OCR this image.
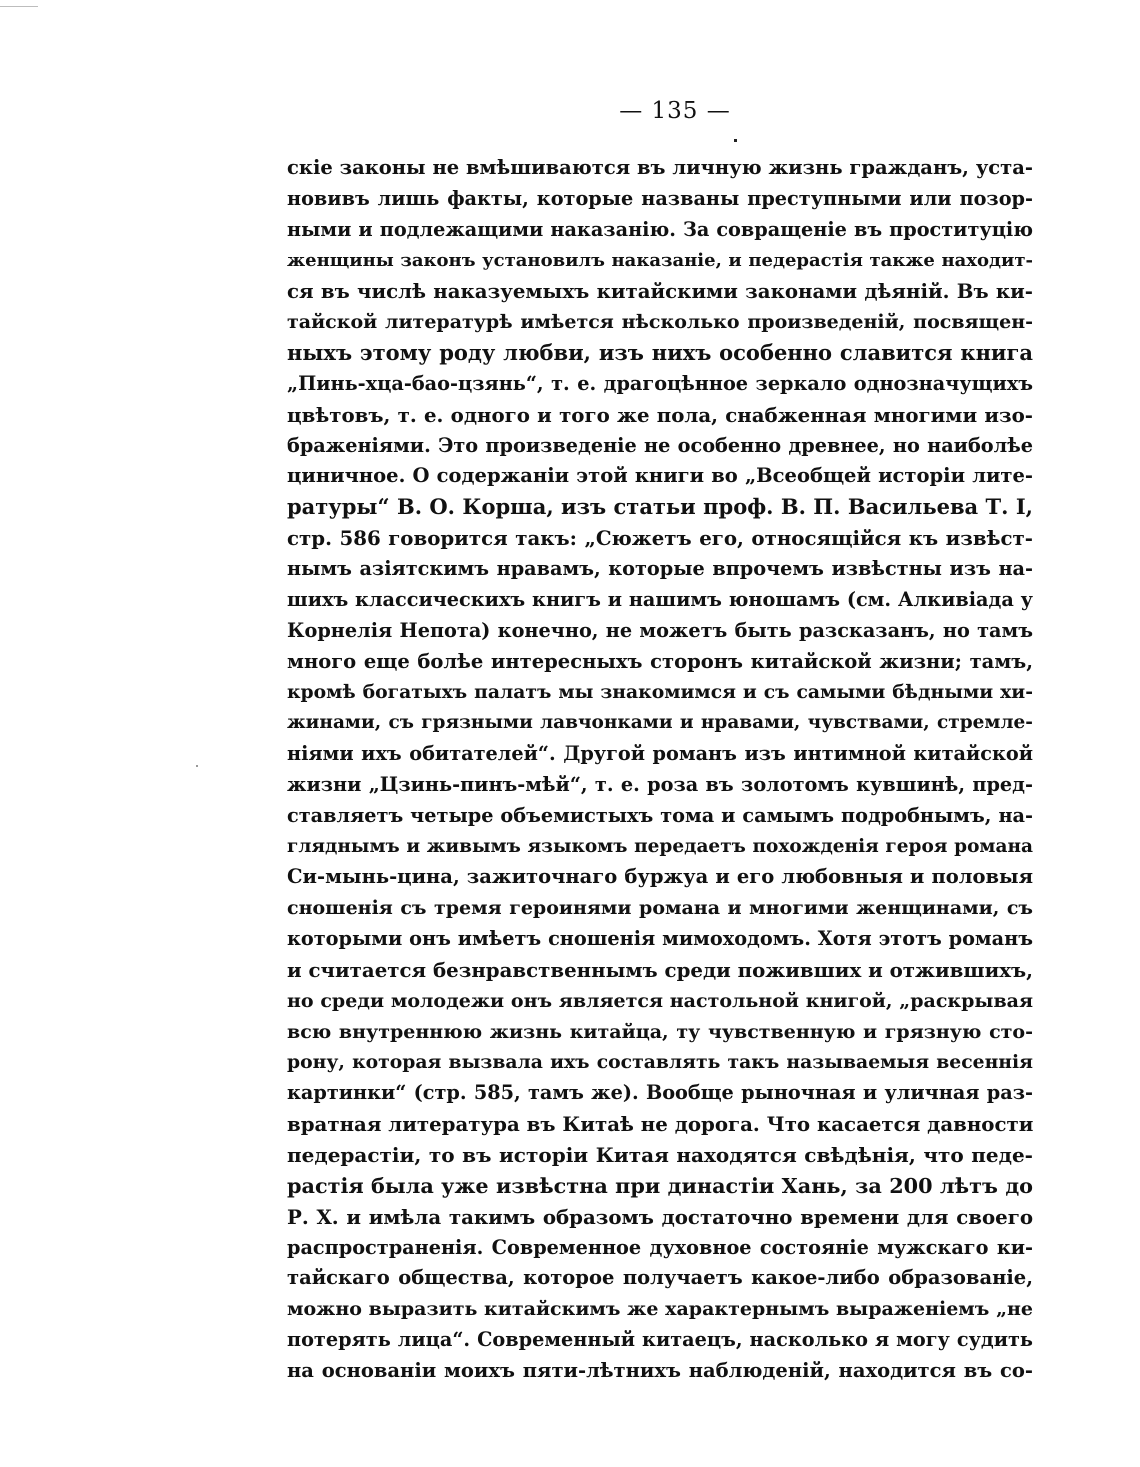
— 135 —
скіе законы не вмѣшиваются въ личную жизнь гражданъ, уста-
новивъ лишь факты, которые названы преступными или позор-
ными и подлежащими наказанію. За совращеніе въ проституцію
женщины законъ установилъ наказаніе, и педерастія также находит-
ся въ числѣ наказуемыхъ китайскими законами дѣяній. Въ ки-
тайской литературѣ имѣется нѣсколько произведеній, посвящен-
ныхъ этому роду любви, изъ нихъ особенно славится книга
„Пинь-хца-бао-цзянь“, т. е. драгоцѣнное зеркало однозначущихъ
цвѣтовъ, т. е. одного и того же пола, снабженная многими изо-
браженіями. Это произведеніе не особенно древнее, но наиболѣе
циничное. О содержаніи этой книги во „Всеобщей исторіи лите-
ратуры“ В. О. Корша, изъ статьи проф. В. П. Васильева Т. I,
стр. 586 говорится такъ: „Сюжетъ его, относящійся къ извѣст-
нымъ азіятскимъ нравамъ, которые впрочемъ извѣстны изъ на-
шихъ классическихъ книгъ и нашимъ юношамъ (см. Алкивіада у
Корнелія Непота) конечно, не можетъ быть разсказанъ, но тамъ
много еще болѣе интересныхъ сторонъ китайской жизни; тамъ,
кромѣ богатыхъ палатъ мы знакомимся и съ самыми бѣдными хи-
жинами, съ грязными лавчонками и нравами, чувствами, стремле-
ніями ихъ обитателей“. Другой романъ изъ интимной китайской
жизни „Цзинь-пинъ-мѣй“, т. е. роза въ золотомъ кувшинѣ, пред-
ставляетъ четыре объемистыхъ тома и самымъ подробнымъ, на-
гляднымъ и живымъ языкомъ передаетъ похожденія героя романа
Си-мынь-цина, зажиточнаго буржуа и его любовныя и половыя
сношенія съ тремя героинями романа и многими женщинами, съ
которыми онъ имѣетъ сношенія мимоходомъ. Хотя этотъ романъ
и считается безнравственнымъ среди поживших и отжившихъ,
но среди молодежи онъ является настольной книгой, „раскрывая
всю внутреннюю жизнь китайца, ту чувственную и грязную сто-
рону, которая вызвала ихъ составлять такъ называемыя весеннія
картинки“ (стр. 585, тамъ же). Вообще рыночная и уличная раз-
вратная литература въ Китаѣ не дорога. Что касается давности
педерастіи, то въ исторіи Китая находятся свѣдѣнія, что педе-
растія была уже извѣстна при династіи Хань, за 200 лѣтъ до
Р. Х. и имѣла такимъ образомъ достаточно времени для своего
распространенія. Современное духовное состояніе мужскаго ки-
тайскаго общества, которое получаетъ какое-либо образованіе,
можно выразить китайскимъ же характернымъ выраженіемъ „не
потерять лица“. Современный китаецъ, насколько я могу судить
на основаніи моихъ пяти-лѣтнихъ наблюденій, находится въ со-
